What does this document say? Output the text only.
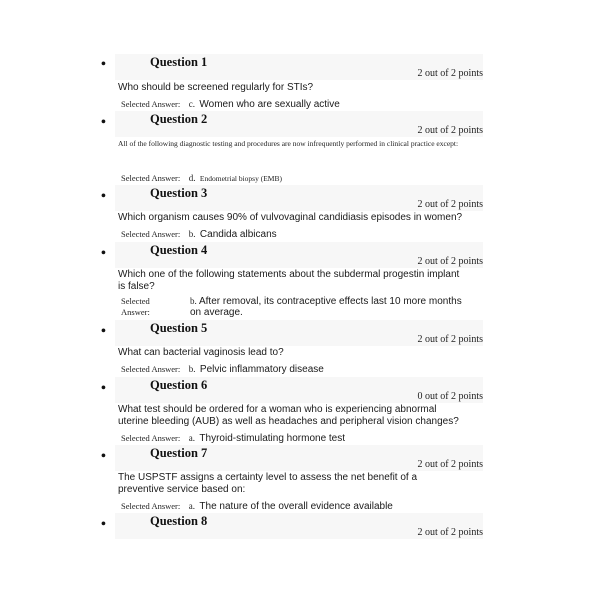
•	Question 1
2 out of 2 points
Who should be screened regularly for STIs?
Selected Answer: c. Women who are sexually active
•	Question 2
2 out of 2 points
All of the following diagnostic testing and procedures are now infrequently performed in clinical practice except:
Selected Answer: d. Endometrial biopsy (EMB)
•	Question 3
2 out of 2 points
Which organism causes 90% of vulvovaginal candidiasis episodes in women?
Selected Answer: b. Candida albicans
•	Question 4
2 out of 2 points
Which one of the following statements about the subdermal progestin implant is false?
Selected Answer:
b. After removal, its contraceptive effects last 10 more months on average.
•	Question 5
2 out of 2 points
What can bacterial vaginosis lead to?
Selected Answer: b. Pelvic inflammatory disease
•	Question 6
0 out of 2 points
What test should be ordered for a woman who is experiencing abnormal uterine bleeding (AUB) as well as headaches and peripheral vision changes?
Selected Answer: a. Thyroid-stimulating hormone test
•	Question 7
2 out of 2 points
The USPSTF assigns a certainty level to assess the net benefit of a preventive service based on:
Selected Answer: a. The nature of the overall evidence available
•	Question 8
2 out of 2 points
